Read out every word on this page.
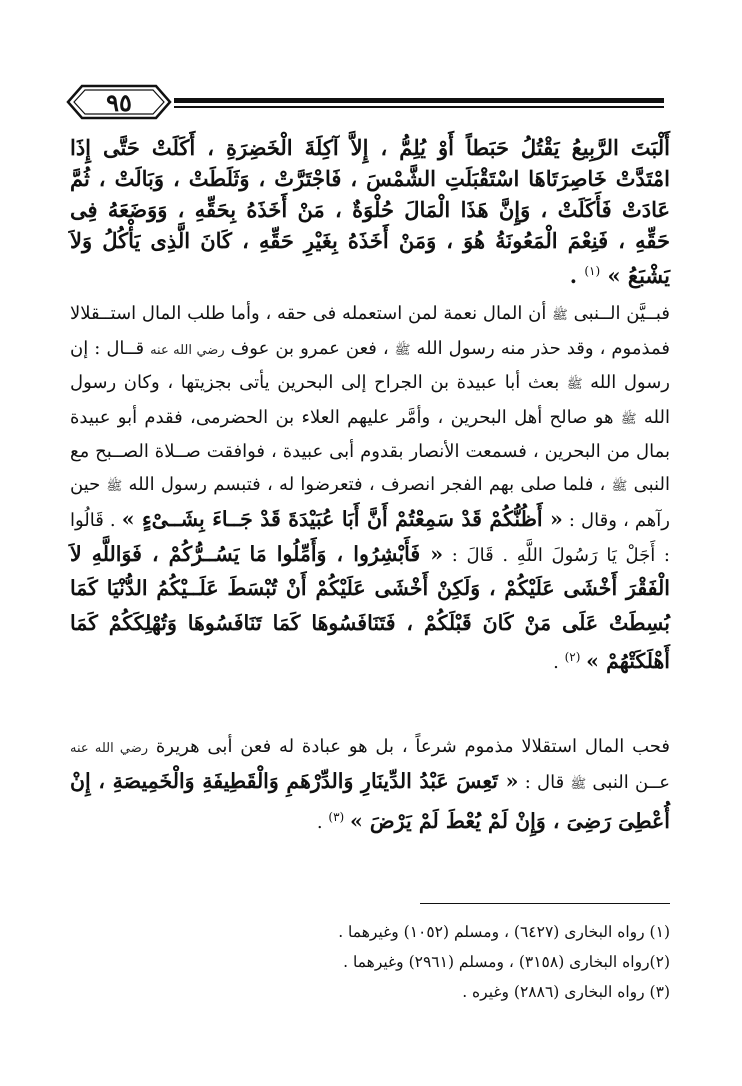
٩٥
أَلْبَتَ الرَّبِيعُ يَقْتُلُ حَبَطاً أَوْ يُلِمُّ ، إِلاَّ آكِلَةَ الْخَضِرَةِ ، أَكَلَتْ حَتَّى إِذَا امْتَدَّتْ خَاصِرَتَاهَا اسْتَقْبَلَتِ الشَّمْسَ ، فَاجْتَرَّتْ ، وَثَلَطَتْ ، وَبَالَتْ ، ثُمَّ عَادَتْ فَأَكَلَتْ ، وَإِنَّ هَذَا الْمَالَ حُلْوَةٌ ، مَنْ أَخَذَهُ بِحَقِّهِ ، وَوَضَعَهُ فِى حَقِّهِ ، فَنِعْمَ الْمَعُونَةُ هُوَ ، وَمَنْ أَخَذَهُ بِغَيْرِ حَقِّهِ ، كَانَ الَّذِى يَأْكُلُ وَلاَ يَشْبَعُ » $^{(١)}$ .
فبــيَّن الــنبى ﷺ أن المال نعمة لمن استعمله فى حقه ، وأما طلب المال استــقلالا فمذموم ، وقد حذر منه رسول الله ﷺ ، فعن عمرو بن عوف رضي الله عنه قــال : إن رسول الله ﷺ بعث أبا عبيدة بن الجراح إلى البحرين يأتى بجزيتها ، وكان رسول الله ﷺ هو صالح أهل البحرين ، وأمَّر عليهم العلاء بن الحضرمى، فقدم أبو عبيدة بمال من البحرين ، فسمعت الأنصار بقدوم أبى عبيدة ، فوافقت صــلاة الصــبح مع النبى ﷺ ، فلما صلى بهم الفجر انصرف ، فتعرضوا له ، فتبسم رسول الله ﷺ حين رآهم ، وقال : « أَظُنُّكُمْ قَدْ سَمِعْتُمْ أَنَّ أَبَا عُبَيْدَةَ قَدْ جَــاءَ بِشَــىْءٍ » . قَالُوا : أَجَلْ يَا رَسُولَ اللَّهِ . قَالَ : « فَأَبْشِرُوا ، وَأَمِّلُوا مَا يَسُــرُّكُمْ ، فَوَاللَّهِ لاَ الْفَقْرَ أَخْشَى عَلَيْكُمْ ، وَلَكِنْ أَخْشَى عَلَيْكُمْ أَنْ تُبْسَطَ عَلَــيْكُمُ الدُّنْيَا كَمَا بُسِطَتْ عَلَى مَنْ كَانَ قَبْلَكُمْ ، فَتَنَافَسُوهَا كَمَا تَنَافَسُوهَا وَتُهْلِكَكُمْ كَمَا أَهْلَكَتْهُمْ » $^{(٢)}$ .
فحب المال استقلالا مذموم شرعاً ، بل هو عبادة له فعن أبى هريرة رضي الله عنه عــن النبى ﷺ قال : « تَعِسَ عَبْدُ الدِّينَارِ وَالدِّرْهَمِ وَالْقَطِيفَةِ وَالْخَمِيصَةِ ، إِنْ أُعْطِىَ رَضِىَ ، وَإِنْ لَمْ يُعْطَ لَمْ يَرْضَ » $^{(٣)}$ .
(١) رواه البخارى (٦٤٢٧) ، ومسلم (١٠٥٢) وغيرهما .
(٢)رواه البخارى (٣١٥٨) ، ومسلم (٢٩٦١) وغيرهما .
(٣) رواه البخارى (٢٨٨٦) وغيره .
